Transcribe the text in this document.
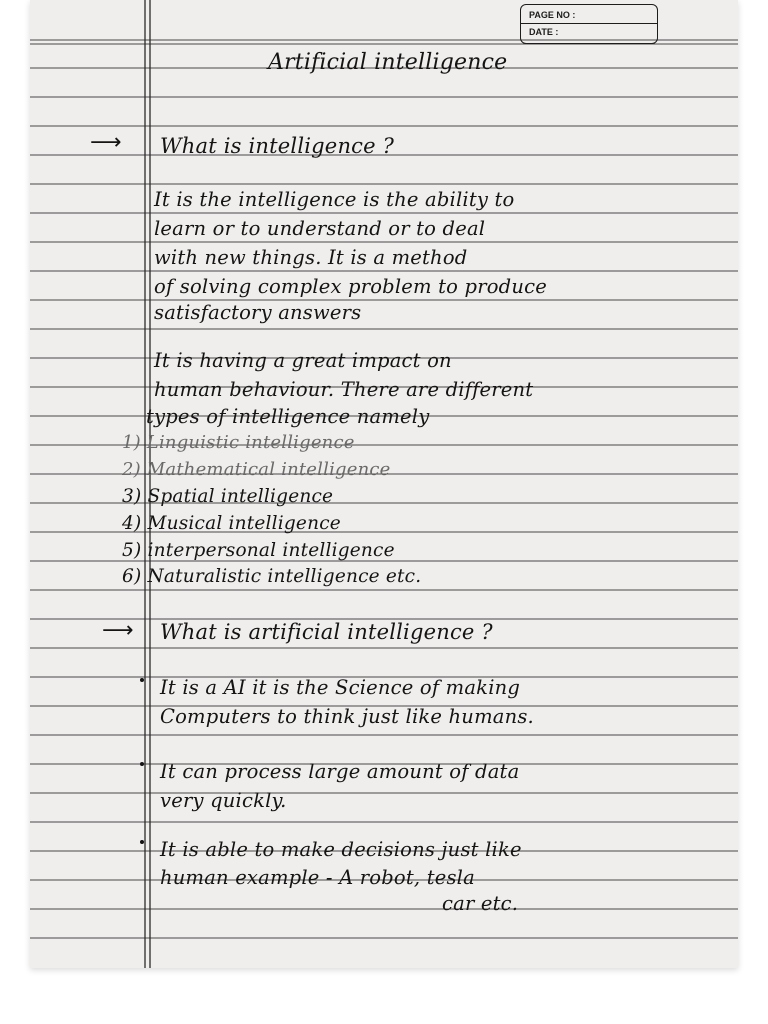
PAGE NO :
DATE :
Artificial intelligence
⟶ What is intelligence ?
It is the intelligence is the ability to
learn or to understand or to deal
with new things. It is a method
of solving complex problem to produce
satisfactory answers
It is having a great impact on
human behaviour. There are different
types of intelligence namely
1) Linguistic intelligence
2) Mathematical intelligence
3) Spatial intelligence
4) Musical intelligence
5) interpersonal intelligence
6) Naturalistic intelligence etc.
⟶ What is artificial intelligence ?
It is a AI it is the Science of making
Computers to think just like humans.
It can process large amount of data
very quickly.
It is able to make decisions just like
human example - A robot, tesla
car etc.
